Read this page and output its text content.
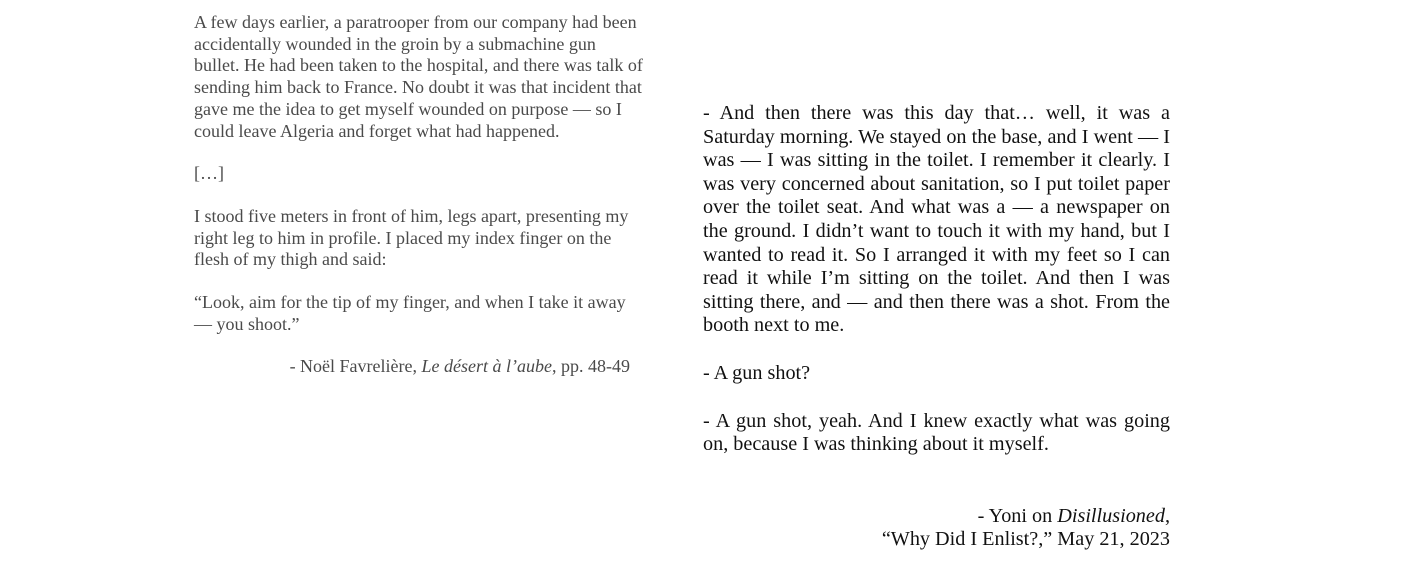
A few days earlier, a paratrooper from our company had been accidentally wounded in the groin by a submachine gun bullet. He had been taken to the hospital, and there was talk of sending him back to France. No doubt it was that incident that gave me the idea to get myself wounded on purpose — so I could leave Algeria and forget what had happened.

[…]

I stood five meters in front of him, legs apart, presenting my right leg to him in profile. I placed my index finger on the flesh of my thigh and said:

“Look, aim for the tip of my finger, and when I take it away — you shoot.”

- Noël Favrelière, Le désert à l’aube, pp. 48-49

- And then there was this day that… well, it was a Saturday morning. We stayed on the base, and I went — I was — I was sitting in the toilet. I remember it clearly. I was very concerned about sanitation, so I put toilet paper over the toilet seat. And what was a — a newspaper on the ground. I didn’t want to touch it with my hand, but I wanted to read it. So I arranged it with my feet so I can read it while I’m sitting on the toilet. And then I was sitting there, and — and then there was a shot. From the booth next to me.

- A gun shot?

- A gun shot, yeah. And I knew exactly what was going on, because I was thinking about it myself.

- Yoni on Disillusioned,
“Why Did I Enlist?,” May 21, 2023
